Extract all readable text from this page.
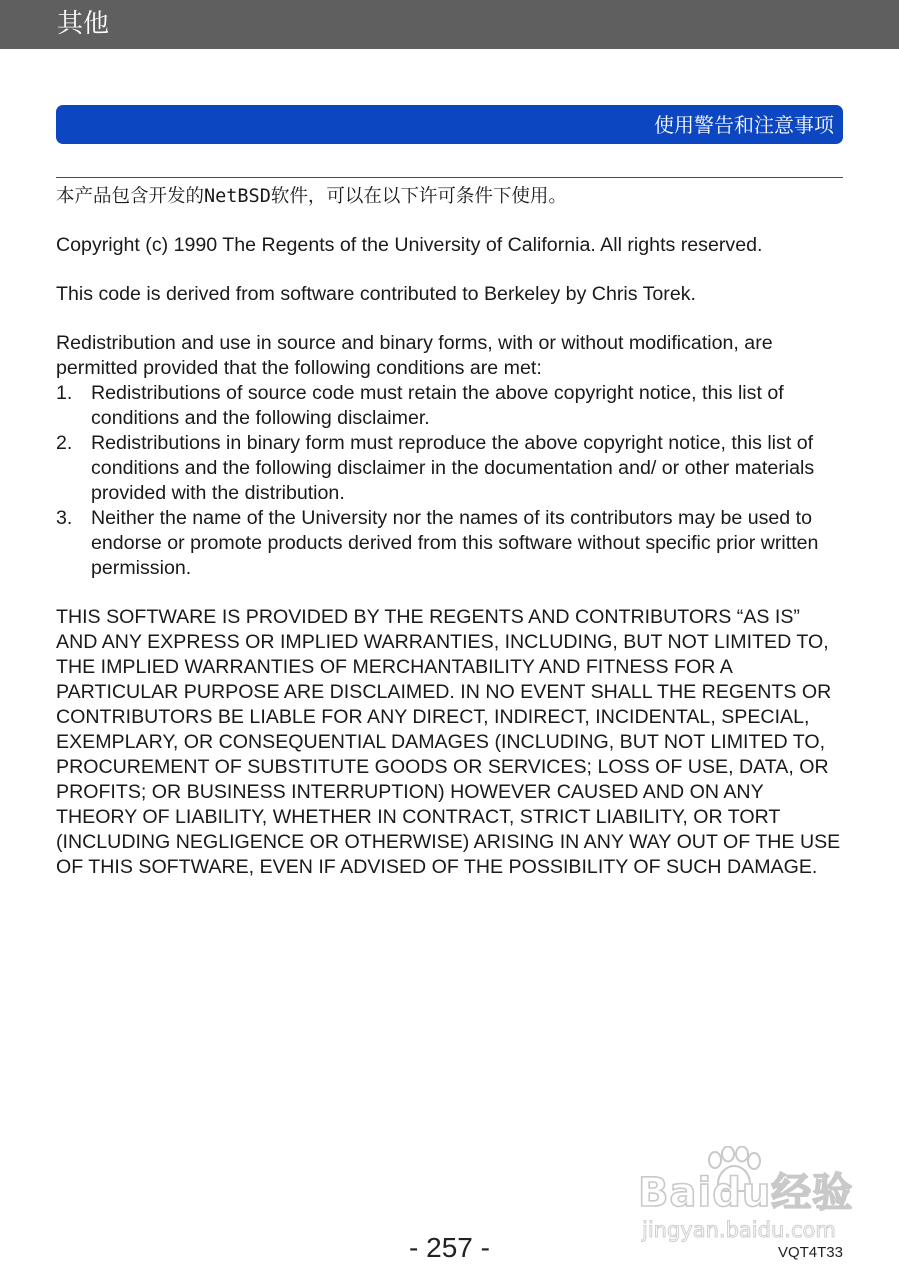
其他
使用警告和注意事项

本产品包含开发的NetBSD软件，可以在以下许可条件下使用。

Copyright (c) 1990 The Regents of the University of California. All rights reserved.

This code is derived from software contributed to Berkeley by Chris Torek.

Redistribution and use in source and binary forms, with or without modification, are permitted provided that the following conditions are met:

1. Redistributions of source code must retain the above copyright notice, this list of conditions and the following disclaimer.
2. Redistributions in binary form must reproduce the above copyright notice, this list of conditions and the following disclaimer in the documentation and/ or other materials provided with the distribution.
3. Neither the name of the University nor the names of its contributors may be used to endorse or promote products derived from this software without specific prior written permission.

THIS SOFTWARE IS PROVIDED BY THE REGENTS AND CONTRIBUTORS “AS IS” AND ANY EXPRESS OR IMPLIED WARRANTIES, INCLUDING, BUT NOT LIMITED TO, THE IMPLIED WARRANTIES OF MERCHANTABILITY AND FITNESS FOR A PARTICULAR PURPOSE ARE DISCLAIMED. IN NO EVENT SHALL THE REGENTS OR CONTRIBUTORS BE LIABLE FOR ANY DIRECT, INDIRECT, INCIDENTAL, SPECIAL, EXEMPLARY, OR CONSEQUENTIAL DAMAGES (INCLUDING, BUT NOT LIMITED TO, PROCUREMENT OF SUBSTITUTE GOODS OR SERVICES; LOSS OF USE, DATA, OR PROFITS; OR BUSINESS INTERRUPTION) HOWEVER CAUSED AND ON ANY THEORY OF LIABILITY, WHETHER IN CONTRACT, STRICT LIABILITY, OR TORT (INCLUDING NEGLIGENCE OR OTHERWISE) ARISING IN ANY WAY OUT OF THE USE OF THIS SOFTWARE, EVEN IF ADVISED OF THE POSSIBILITY OF SUCH DAMAGE.

Baidu经验
jingyan.baidu.com
- 257 -	VQT4T33
